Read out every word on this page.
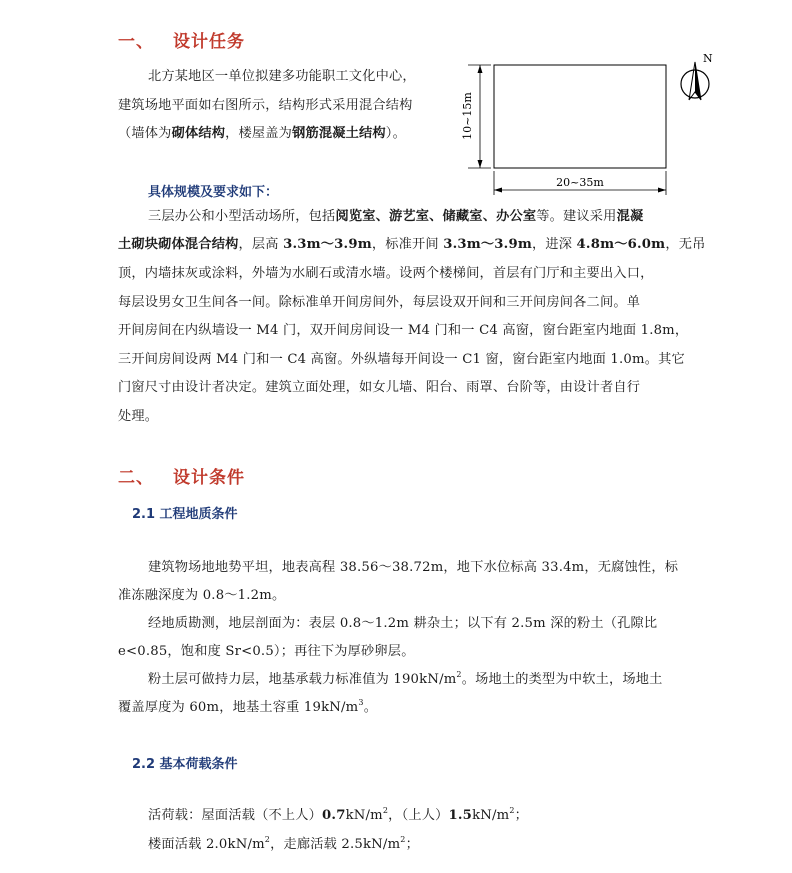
一、 设计任务
北方某地区一单位拟建多功能职工文化中心，
建筑场地平面如右图所示，结构形式采用混合结构
（墙体为砌体结构，楼屋盖为钢筋混凝土结构）。	10~15m
20~35m
N
具体规模及要求如下：
三层办公和小型活动场所，包括阅览室、游艺室、储藏室、办公室等。建议采用混凝
土砌块砌体混合结构，层高 3.3m～3.9m，标准开间 3.3m～3.9m，进深 4.8m～6.0m，无吊
顶，内墙抹灰或涂料，外墙为水刷石或清水墙。设两个楼梯间，首层有门厅和主要出入口，
每层设男女卫生间各一间。除标准单开间房间外，每层设双开间和三开间房间各二间。单
开间房间在内纵墙设一 M4 门，双开间房间设一 M4 门和一 C4 高窗，窗台距室内地面 1.8m，
三开间房间设两 M4 门和一 C4 高窗。外纵墙每开间设一 C1 窗，窗台距室内地面 1.0m。其它
门窗尺寸由设计者决定。建筑立面处理，如女儿墙、阳台、雨罩、台阶等，由设计者自行
处理。
二、 设计条件
2.1 工程地质条件
建筑物场地地势平坦，地表高程 38.56～38.72m，地下水位标高 33.4m，无腐蚀性，标
准冻融深度为 0.8～1.2m。
经地质勘测，地层剖面为：表层 0.8～1.2m 耕杂土；以下有 2.5m 深的粉土（孔隙比
e<0.85，饱和度 Sr<0.5）；再往下为厚砂卵层。
粉土层可做持力层，地基承载力标准值为 $190kN/m^2$。场地土的类型为中软土，场地土
覆盖厚度为 60m，地基土容重 $19kN/m^3$。
2.2 基本荷载条件
活荷载：屋面活载（不上人）$0.7kN/m^2$，（上人）$1.5kN/m^2$；
楼面活载 $2.0kN/m^2$，走廊活载 $2.5kN/m^2$；
